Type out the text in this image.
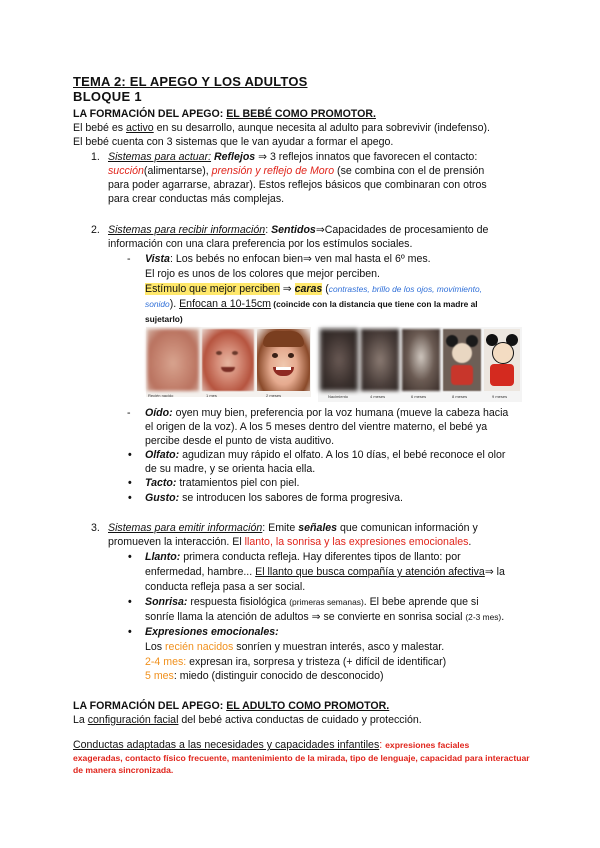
TEMA 2: EL APEGO Y LOS ADULTOS
BLOQUE 1
LA FORMACIÓN DEL APEGO: EL BEBÉ COMO PROMOTOR.
El bebé es activo en su desarrollo, aunque necesita al adulto para sobrevivir (indefenso).
El bebé cuenta con 3 sistemas que le van ayudar a formar el apego.
1. Sistemas para actuar: Reflejos ⇒ 3 reflejos innatos que favorecen el contacto:
succión(alimentarse), prensión y reflejo de Moro (se combina con el de prensión
para poder agarrarse, abrazar). Estos reflejos básicos que combinaran con otros
para crear conductas más complejas.
2. Sistemas para recibir información: Sentidos⇒Capacidades de procesamiento de
información con una clara preferencia por los estímulos sociales.
- Vista: Los bebés no enfocan bien⇒ ven mal hasta el 6º mes.
El rojo es unos de los colores que mejor perciben.
Estímulo que mejor perciben ⇒ caras (contrastes, brillo de los ojos, movimiento,
sonido). Enfocan a 10-15cm (coincide con la distancia que tiene con la madre al
sujetarlo)
Recién nacido	1 mes	2 meses	Nacimiento	4 meses	6 meses	8 meses	9 meses
- Oído: oyen muy bien, preferencia por la voz humana (mueve la cabeza hacia
el origen de la voz). A los 5 meses dentro del vientre materno, el bebé ya
percibe desde el punto de vista auditivo.
• Olfato: agudizan muy rápido el olfato. A los 10 días, el bebé reconoce el olor
de su madre, y se orienta hacia ella.
• Tacto: tratamientos piel con piel.
• Gusto: se introducen los sabores de forma progresiva.
3. Sistemas para emitir información: Emite señales que comunican información y
promueven la interacción. El llanto, la sonrisa y las expresiones emocionales.
• Llanto: primera conducta refleja. Hay diferentes tipos de llanto: por
enfermedad, hambre... El llanto que busca compañía y atención afectiva⇒ la
conducta refleja pasa a ser social.
• Sonrisa: respuesta fisiológica (primeras semanas). El bebe aprende que si
sonríe llama la atención de adultos ⇒ se convierte en sonrisa social (2-3 mes).
• Expresiones emocionales:
Los recién nacidos sonríen y muestran interés, asco y malestar.
2-4 mes: expresan ira, sorpresa y tristeza (+ difícil de identificar)
5 mes: miedo (distinguir conocido de desconocido)
LA FORMACIÓN DEL APEGO: EL ADULTO COMO PROMOTOR.
La configuración facial del bebé activa conductas de cuidado y protección.
Conductas adaptadas a las necesidades y capacidades infantiles: expresiones faciales
exageradas, contacto físico frecuente, mantenimiento de la mirada, tipo de lenguaje, capacidad para interactuar
de manera sincronizada.
